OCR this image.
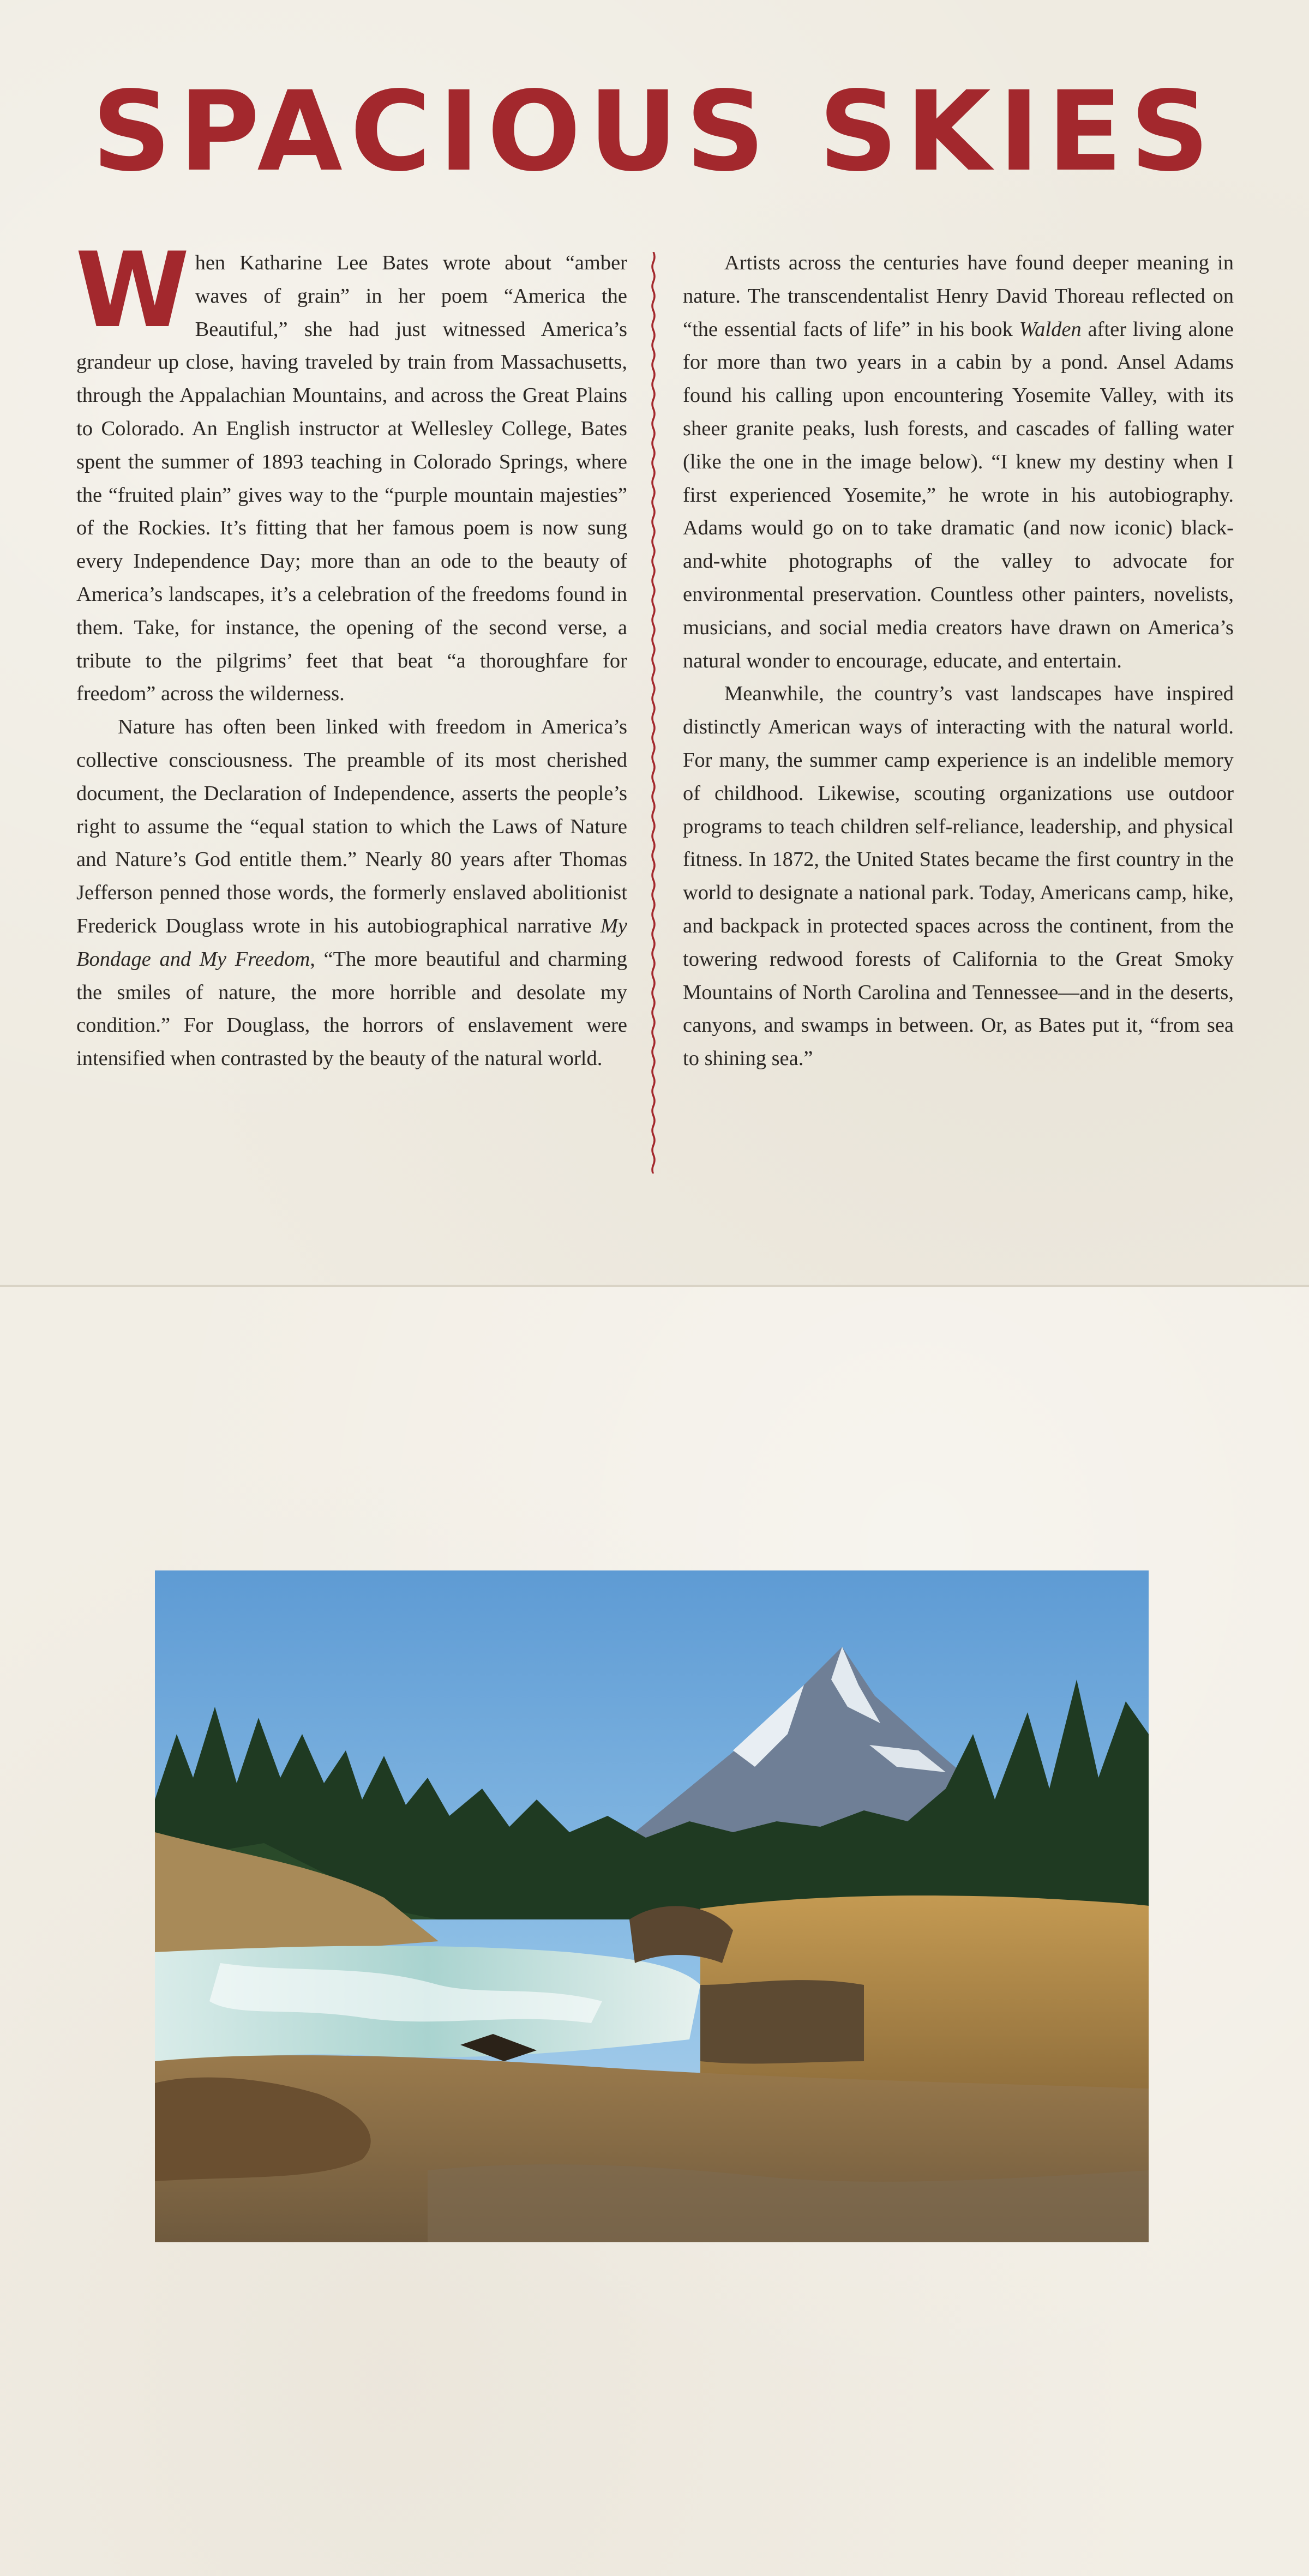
SPACIOUS SKIES

When Katharine Lee Bates wrote about “amber waves of grain” in her poem “America the Beautiful,” she had just witnessed America’s grandeur up close, having traveled by train from Massachusetts, through the Appalachian Mountains, and across the Great Plains to Colorado. An English instructor at Wellesley College, Bates spent the summer of 1893 teaching in Colorado Springs, where the “fruited plain” gives way to the “purple mountain majesties” of the Rockies. It’s fitting that her famous poem is now sung every Independence Day; more than an ode to the beauty of America’s landscapes, it’s a celebration of the freedoms found in them. Take, for instance, the opening of the second verse, a tribute to the pilgrims’ feet that beat “a thoroughfare for freedom” across the wilderness.

Nature has often been linked with freedom in America’s collective consciousness. The preamble of its most cherished document, the Declaration of Independence, asserts the people’s right to assume the “equal station to which the Laws of Nature and Nature’s God entitle them.” Nearly 80 years after Thomas Jefferson penned those words, the formerly enslaved abolitionist Frederick Douglass wrote in his autobiographical narrative My Bondage and My Freedom, “The more beautiful and charming the smiles of nature, the more horrible and desolate my condition.” For Douglass, the horrors of enslavement were intensified when contrasted by the beauty of the natural world.

Artists across the centuries have found deeper meaning in nature. The transcendentalist Henry David Thoreau reflected on “the essential facts of life” in his book Walden after living alone for more than two years in a cabin by a pond. Ansel Adams found his calling upon encountering Yosemite Valley, with its sheer granite peaks, lush forests, and cascades of falling water (like the one in the image below). “I knew my destiny when I first experienced Yosemite,” he wrote in his autobiography. Adams would go on to take dramatic (and now iconic) black-and-white photographs of the valley to advocate for environmental preservation. Countless other painters, novelists, musicians, and social media creators have drawn on America’s natural wonder to encourage, educate, and entertain.

Meanwhile, the country’s vast landscapes have inspired distinctly American ways of interacting with the natural world. For many, the summer camp experience is an indelible memory of childhood. Likewise, scouting organizations use outdoor programs to teach children self-reliance, leadership, and physical fitness. In 1872, the United States became the first country in the world to designate a national park. Today, Americans camp, hike, and backpack in protected spaces across the continent, from the towering redwood forests of California to the Great Smoky Mountains of North Carolina and Tennessee—and in the deserts, canyons, and swamps in between. Or, as Bates put it, “from sea to shining sea.”
